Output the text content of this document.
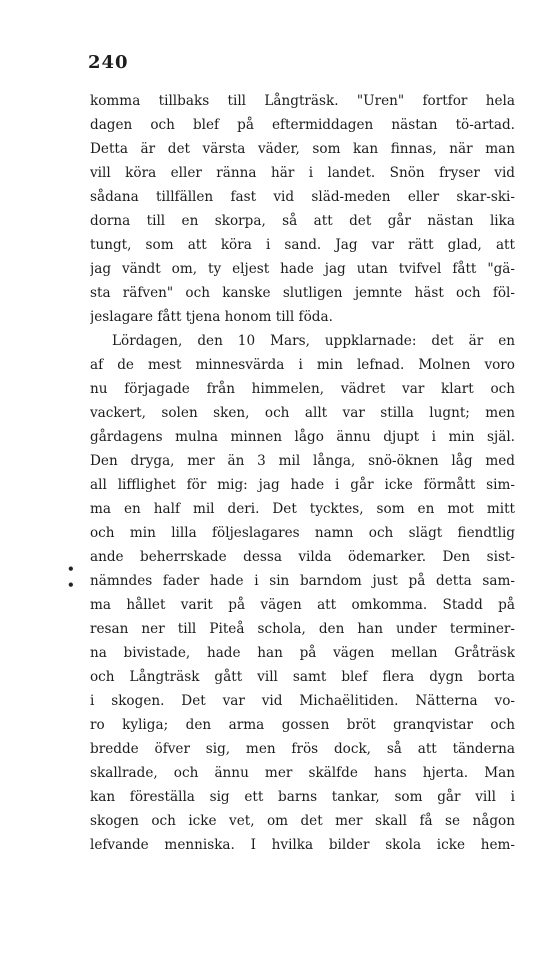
240
•
•
komma tillbaks till Långträsk. "Uren" fortfor hela
dagen och blef på eftermiddagen nästan tö-artad.
Detta är det värsta väder, som kan finnas, när man
vill köra eller ränna här i landet. Snön fryser vid
sådana tillfällen fast vid släd-meden eller skar-ski-
dorna till en skorpa, så att det går nästan lika
tungt, som att köra i sand. Jag var rätt glad, att
jag vändt om, ty eljest hade jag utan tvifvel fått "gä-
sta räfven" och kanske slutligen jemnte häst och föl-
jeslagare fått tjena honom till föda.
Lördagen, den 10 Mars, uppklarnade: det är en
af de mest minnesvärda i min lefnad. Molnen voro
nu förjagade från himmelen, vädret var klart och
vackert, solen sken, och allt var stilla lugnt; men
gårdagens mulna minnen lågo ännu djupt i min själ.
Den dryga, mer än 3 mil långa, snö-öknen låg med
all lifflighet för mig: jag hade i går icke förmått sim-
ma en half mil deri. Det tycktes, som en mot mitt
och min lilla följeslagares namn och slägt fiendtlig
ande beherrskade dessa vilda ödemarker. Den sist-
nämndes fader hade i sin barndom just på detta sam-
ma hållet varit på vägen att omkomma. Stadd på
resan ner till Piteå schola, den han under terminer-
na bivistade, hade han på vägen mellan Gråträsk
och Långträsk gått vill samt blef flera dygn borta
i skogen. Det var vid Michaëlitiden. Nätterna vo-
ro kyliga; den arma gossen bröt granqvistar och
bredde öfver sig, men frös dock, så att tänderna
skallrade, och ännu mer skälfde hans hjerta. Man
kan föreställa sig ett barns tankar, som går vill i
skogen och icke vet, om det mer skall få se någon
lefvande menniska. I hvilka bilder skola icke hem-
